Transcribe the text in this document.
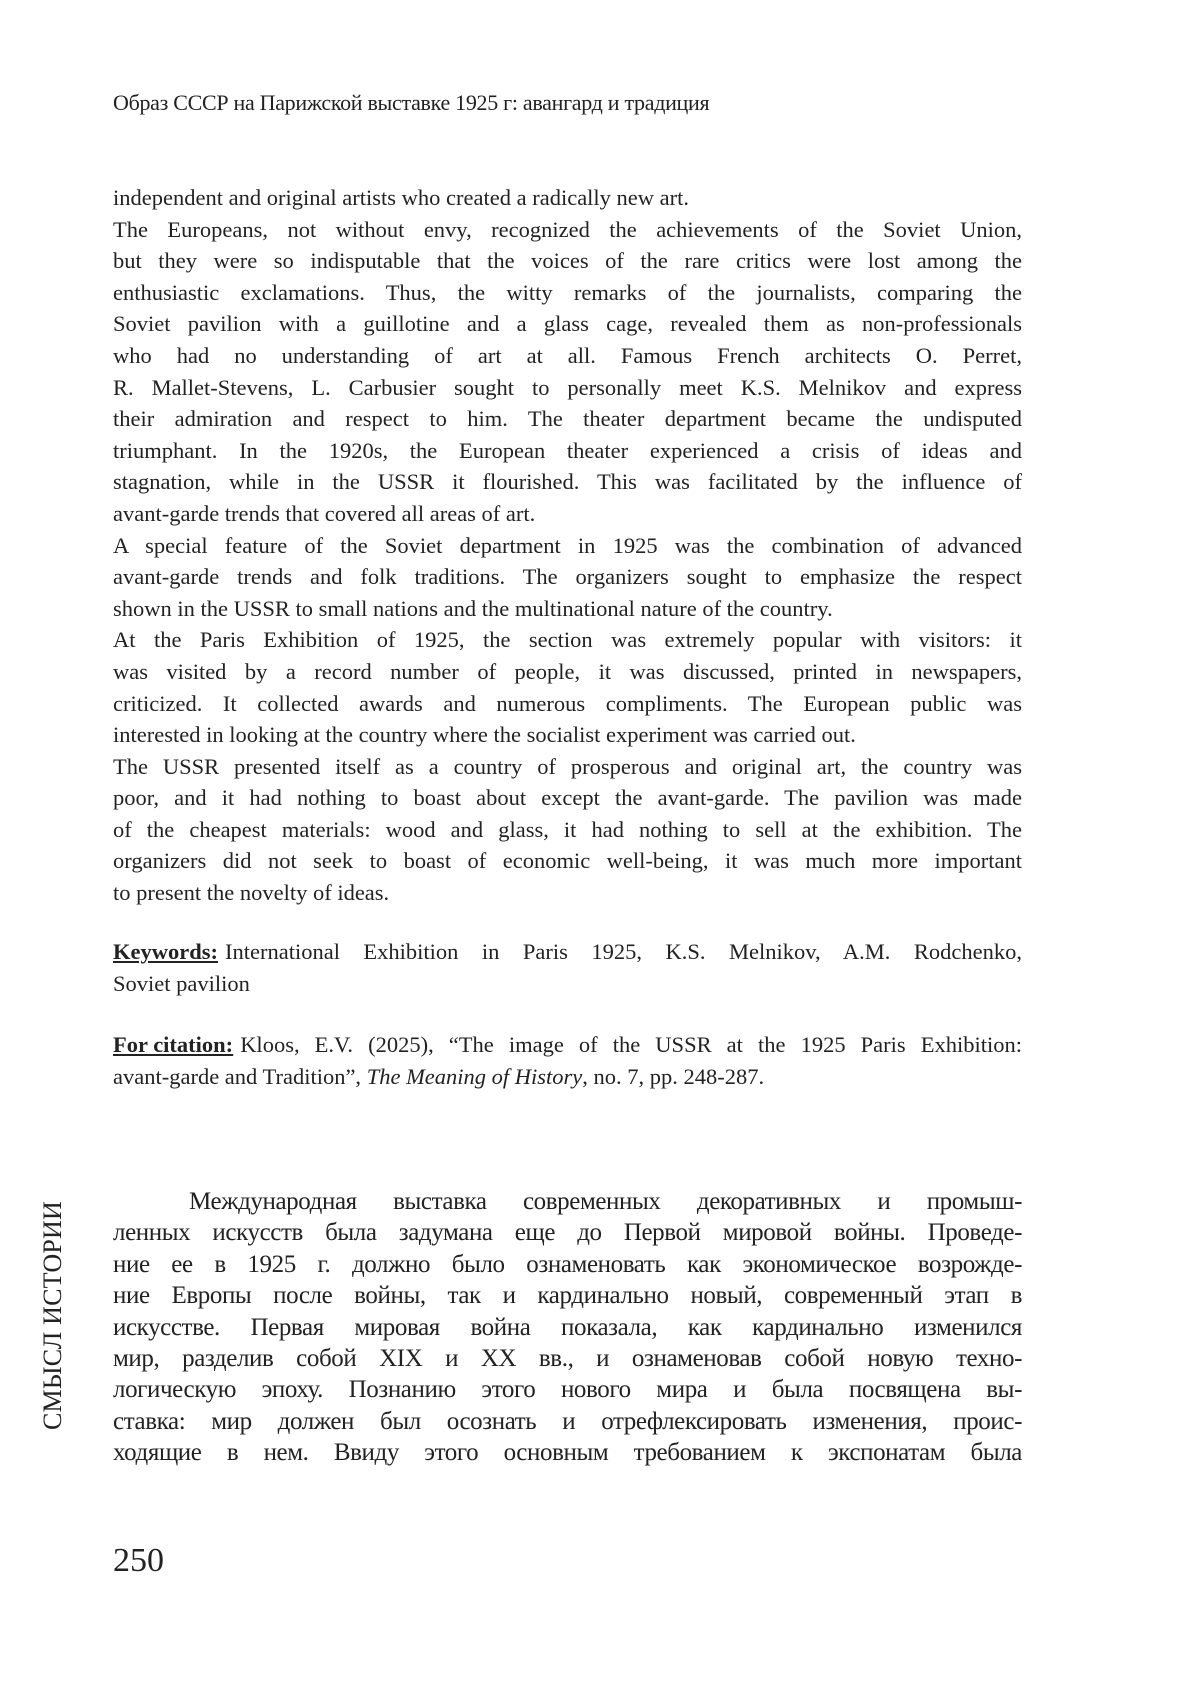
Образ СССР на Парижской выставке 1925 г: авангард и традиция
independent and original artists who created a radically new art.
The Europeans, not without envy, recognized the achievements of the Soviet Union,
but they were so indisputable that the voices of the rare critics were lost among the
enthusiastic exclamations. Thus, the witty remarks of the journalists, comparing the
Soviet pavilion with a guillotine and a glass cage, revealed them as non-professionals
who had no understanding of art at all. Famous French architects O. Perret,
R. Mallet-Stevens, L. Carbusier sought to personally meet K.S. Melnikov and express
their admiration and respect to him. The theater department became the undisputed
triumphant. In the 1920s, the European theater experienced a crisis of ideas and
stagnation, while in the USSR it flourished. This was facilitated by the influence of
avant-garde trends that covered all areas of art.
A special feature of the Soviet department in 1925 was the combination of advanced
avant-garde trends and folk traditions. The organizers sought to emphasize the respect
shown in the USSR to small nations and the multinational nature of the country.
At the Paris Exhibition of 1925, the section was extremely popular with visitors: it
was visited by a record number of people, it was discussed, printed in newspapers,
criticized. It collected awards and numerous compliments. The European public was
interested in looking at the country where the socialist experiment was carried out.
The USSR presented itself as a country of prosperous and original art, the country was
poor, and it had nothing to boast about except the avant-garde. The pavilion was made
of the cheapest materials: wood and glass, it had nothing to sell at the exhibition. The
organizers did not seek to boast of economic well-being, it was much more important
to present the novelty of ideas.
Keywords: International Exhibition in Paris 1925, K.S. Melnikov, A.M. Rodchenko,
Soviet pavilion
For citation: Kloos, E.V. (2025), “The image of the USSR at the 1925 Paris Exhibition:
avant-garde and Tradition”, The Meaning of History, no. 7, pp. 248-287.
Международная выставка современных декоративных и промыш-
ленных искусств была задумана еще до Первой мировой войны. Проведе-
ние ее в 1925 г. должно было ознаменовать как экономическое возрожде-
ние Европы после войны, так и кардинально новый, современный этап в
искусстве. Первая мировая война показала, как кардинально изменился
мир, разделив собой XIX и XX вв., и ознаменовав собой новую техно-
логическую эпоху. Познанию этого нового мира и была посвящена вы-
ставка: мир должен был осознать и отрефлексировать изменения, проис-
ходящие в нем. Ввиду этого основным требованием к экспонатам была
СМЫСЛ ИСТОРИИ
250
